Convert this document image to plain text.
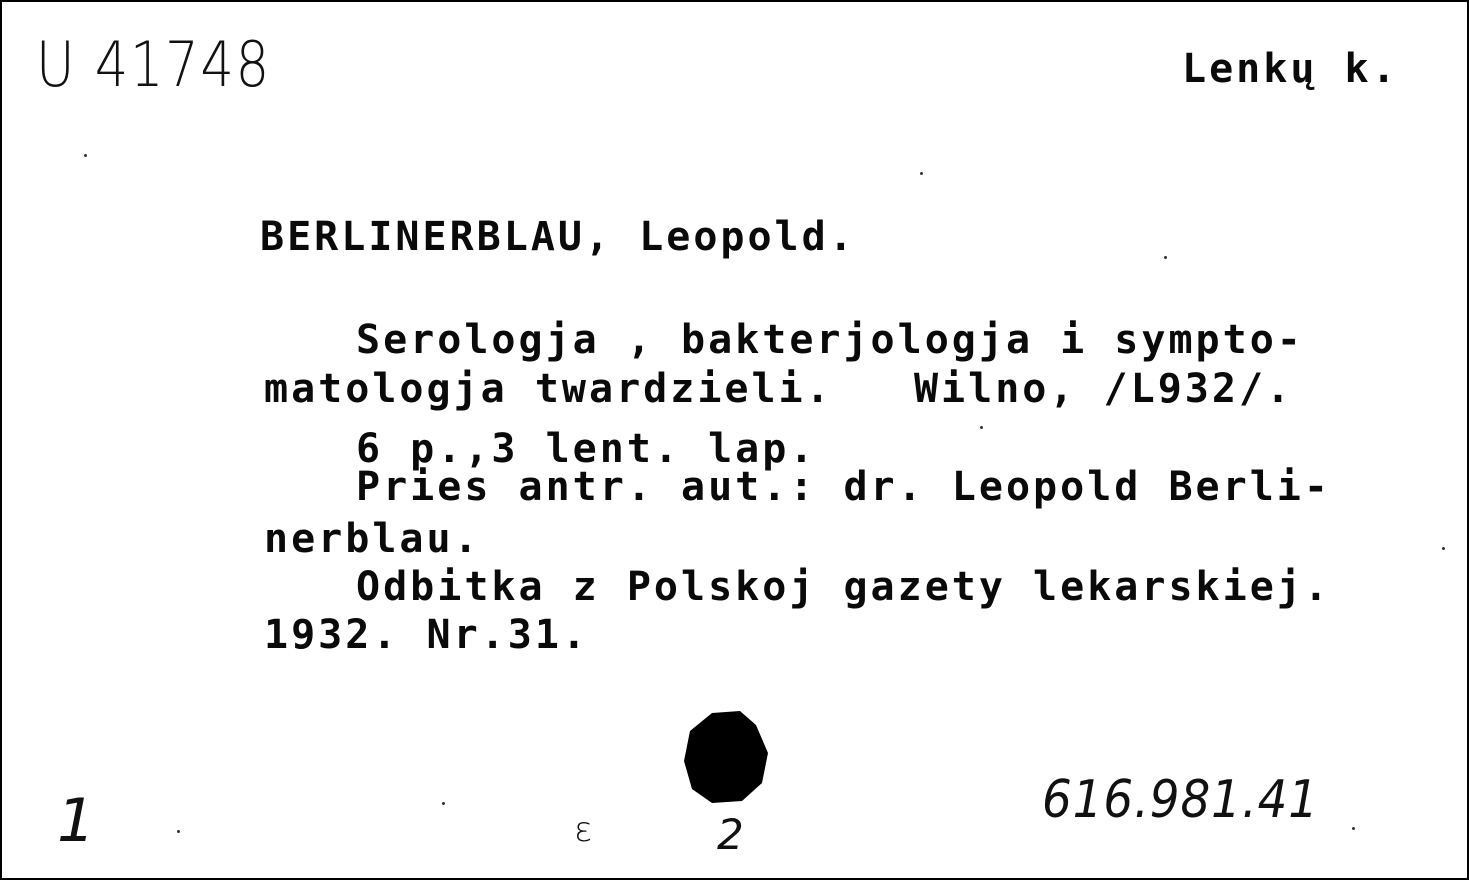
U 41748	Lenkų k.
BERLINERBLAU, Leopold.
Serologja , bakterjologja i sympto-
matologja twardzieli.   Wilno, /L932/.
6 p.,3 lent. lap.
Pries antr. aut.: dr. Leopold Berli-
nerblau.
Odbitka z Polskoj gazety lekarskiej.
1932. Nr.31.
1	ε	2
616.981.41
